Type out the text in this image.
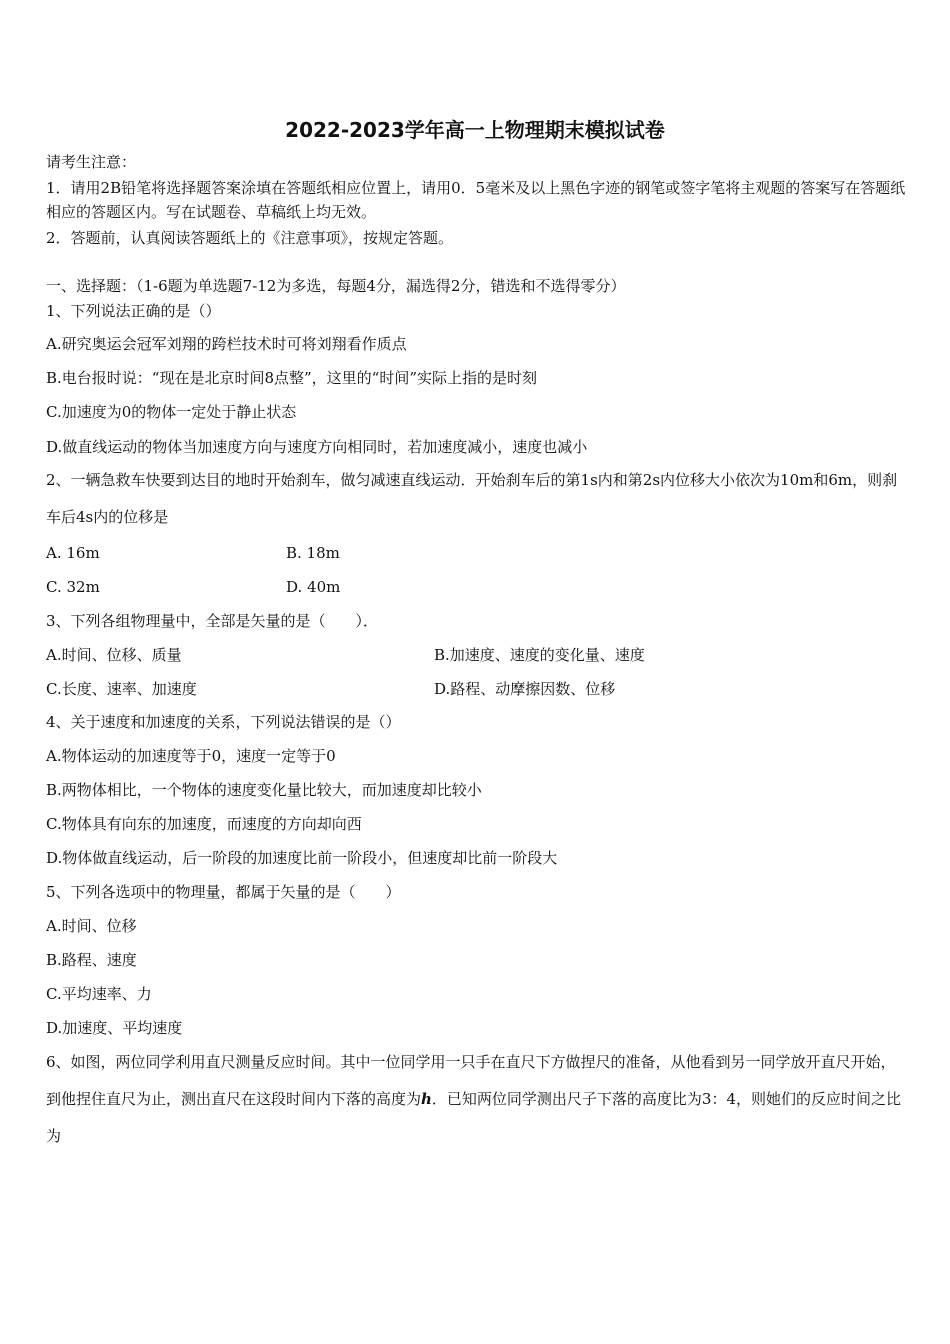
2022-2023学年高一上物理期末模拟试卷
请考生注意：
1．请用2B铅笔将选择题答案涂填在答题纸相应位置上，请用0．5毫米及以上黑色字迹的钢笔或签字笔将主观题的答案写在答题纸相应的答题区内。写在试题卷、草稿纸上均无效。
2．答题前，认真阅读答题纸上的《注意事项》，按规定答题。
一、选择题：（1-6题为单选题7-12为多选，每题4分，漏选得2分，错选和不选得零分）
1、下列说法正确的是（）
A.研究奥运会冠军刘翔的跨栏技术时可将刘翔看作质点
B.电台报时说：“现在是北京时间8点整”，这里的“时间”实际上指的是时刻
C.加速度为0的物体一定处于静止状态
D.做直线运动的物体当加速度方向与速度方向相同时，若加速度减小，速度也减小
2、一辆急救车快要到达目的地时开始刹车，做匀减速直线运动．开始刹车后的第1s内和第2s内位移大小依次为10m和6m，则刹车后4s内的位移是
A. 16m	B. 18m
C. 32m	D. 40m
3、下列各组物理量中，全部是矢量的是（　　）．
A.时间、位移、质量	B.加速度、速度的变化量、速度
C.长度、速率、加速度	D.路程、动摩擦因数、位移
4、关于速度和加速度的关系，下列说法错误的是（）
A.物体运动的加速度等于0，速度一定等于0
B.两物体相比，一个物体的速度变化量比较大，而加速度却比较小
C.物体具有向东的加速度，而速度的方向却向西
D.物体做直线运动，后一阶段的加速度比前一阶段小，但速度却比前一阶段大
5、下列各选项中的物理量，都属于矢量的是（　　）
A.时间、位移
B.路程、速度
C.平均速率、力
D.加速度、平均速度
6、如图，两位同学利用直尺测量反应时间。其中一位同学用一只手在直尺下方做捏尺的准备，从他看到另一同学放开直尺开始，到他捏住直尺为止，测出直尺在这段时间内下落的高度为h．已知两位同学测出尺子下落的高度比为3：4，则她们的反应时间之比为
